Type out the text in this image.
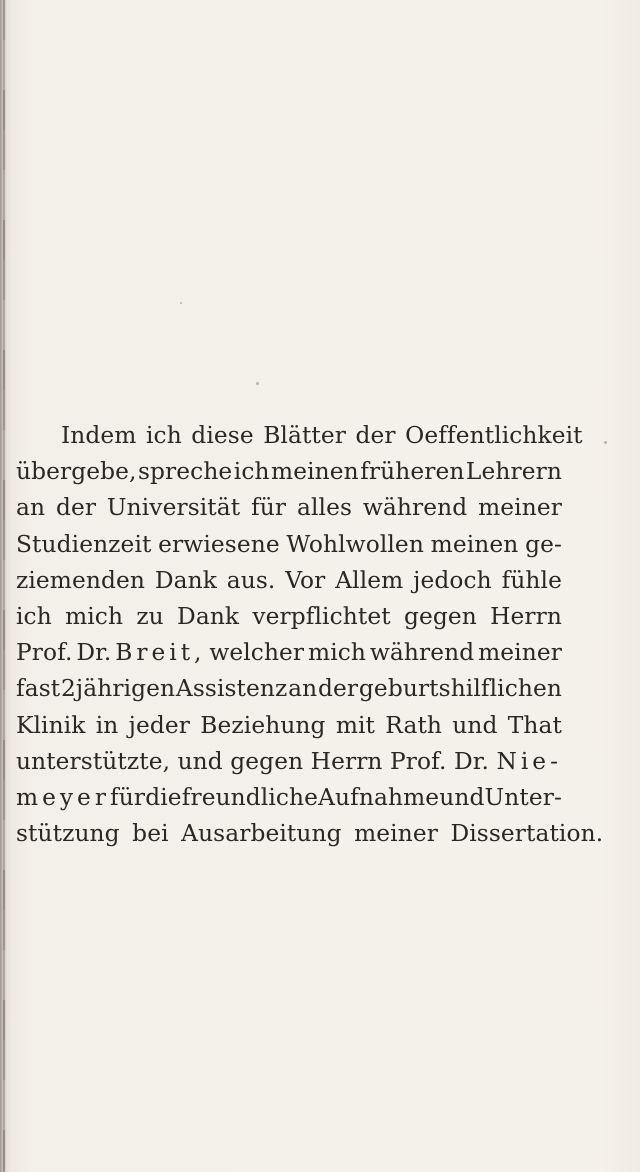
Indem ich diese Blätter der Oeffentlichkeit
übergebe, spreche ich meinen früheren Lehrern
an der Universität für alles während meiner
Studienzeit erwiesene Wohlwollen meinen ge-
ziemenden Dank aus. Vor Allem jedoch fühle
ich mich zu Dank verpflichtet gegen Herrn
Prof. Dr. Breit, welcher mich während meiner
fast 2jährigen Assistenz an der geburtshilflichen
Klinik in jeder Beziehung mit Rath und That
unterstützte, und gegen Herrn Prof. Dr. Nie-
meyer für die freundliche Aufnahme und Unter-
stützung bei Ausarbeitung meiner Dissertation.
